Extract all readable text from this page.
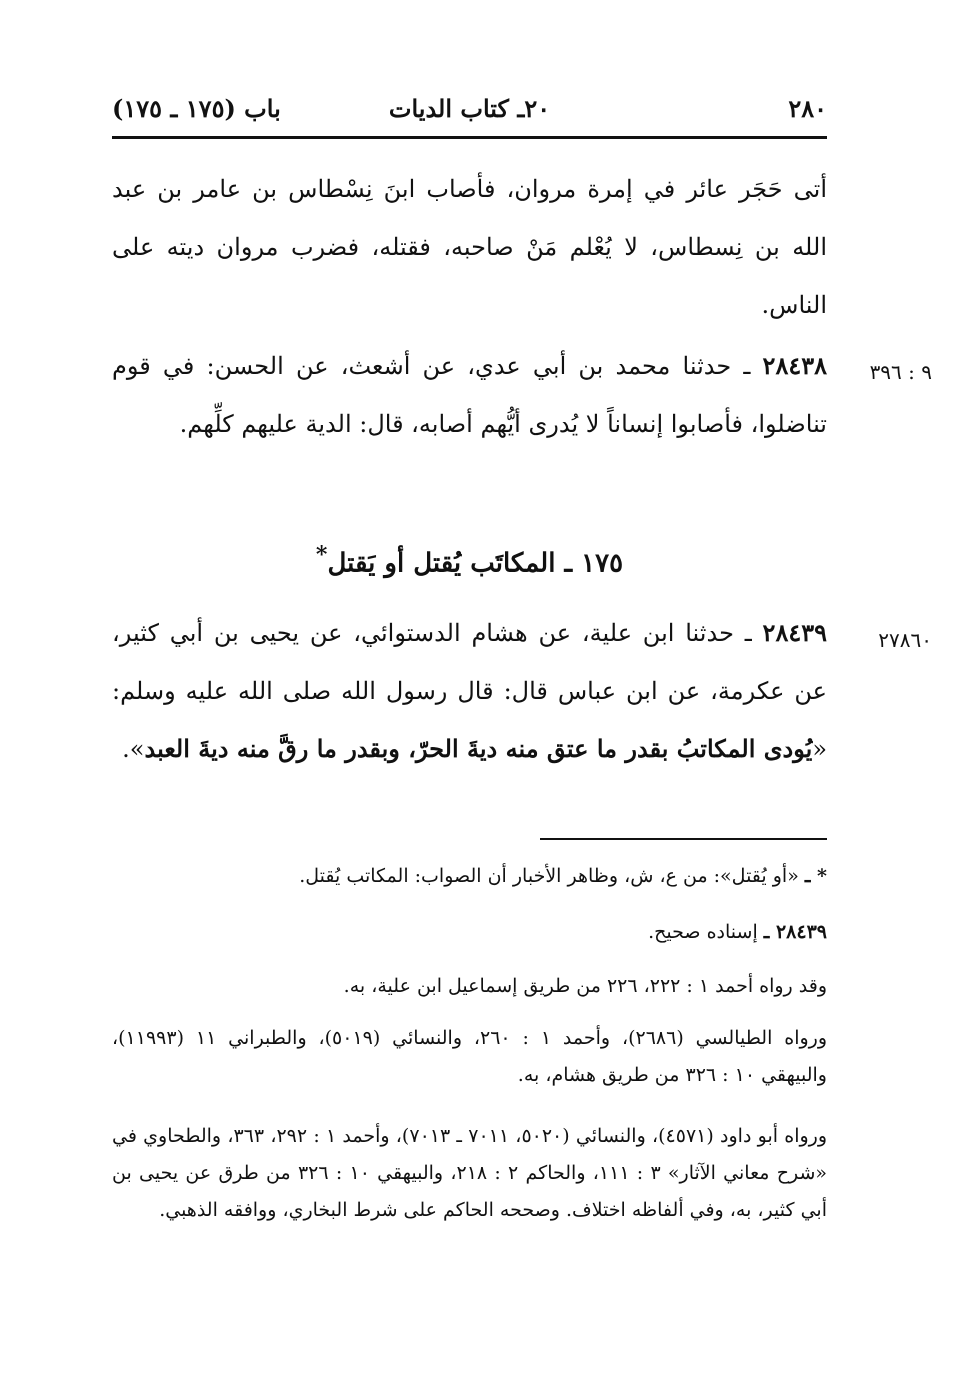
٢٨٠
٢٠ـ كتاب الديات
باب (١٧٥ ـ ١٧٥)

أتى حَجَر عائر في إمرة مروان، فأصاب ابنَ نِسْطاس بن عامر بن عبد الله بن نِسطاس، لا يُعْلم مَنْ صاحبه، فقتله، فضرب مروان ديته على الناس.

٩ : ٣٩٦

٢٨٤٣٨ ـ حدثنا محمد بن أبي عدي، عن أشعث، عن الحسن: في قوم تناضلوا، فأصابوا إنساناً لا يُدرى أيُّهم أصابه، قال: الدية عليهم كلِّهم.

١٧٥ ـ المكاتَب يُقتل أو يَقتل*
٢٧٨٦٠

٢٨٤٣٩ ـ حدثنا ابن علية، عن هشام الدستوائي، عن يحيى بن أبي كثير، عن عكرمة، عن ابن عباس قال: قال رسول الله صلى الله عليه وسلم: «يُودى المكاتبُ بقدر ما عتق منه ديةَ الحرّ، وبقدر ما رقَّ منه ديةَ العبد».

* ـ «أو يُقتل»: من ع، ش، وظاهر الأخبار أن الصواب: المكاتب يُقتل.

٢٨٤٣٩ ـ إسناده صحيح.

وقد رواه أحمد ١ : ٢٢٢، ٢٢٦ من طريق إسماعيل ابن علية، به.

ورواه الطيالسي (٢٦٨٦)، وأحمد ١ : ٢٦٠، والنسائي (٥٠١٩)، والطبراني ١١ (١١٩٩٣)، والبيهقي ١٠ : ٣٢٦ من طريق هشام، به.

ورواه أبو داود (٤٥٧١)، والنسائي (٥٠٢٠، ٧٠١١ ـ ٧٠١٣)، وأحمد ١ : ٢٩٢، ٣٦٣، والطحاوي في «شرح معاني الآثار» ٣ : ١١١، والحاكم ٢ : ٢١٨، والبيهقي ١٠ : ٣٢٦ من طرق عن يحيى بن أبي كثير، به، وفي ألفاظه اختلاف. وصححه الحاكم على شرط البخاري، ووافقه الذهبي.
